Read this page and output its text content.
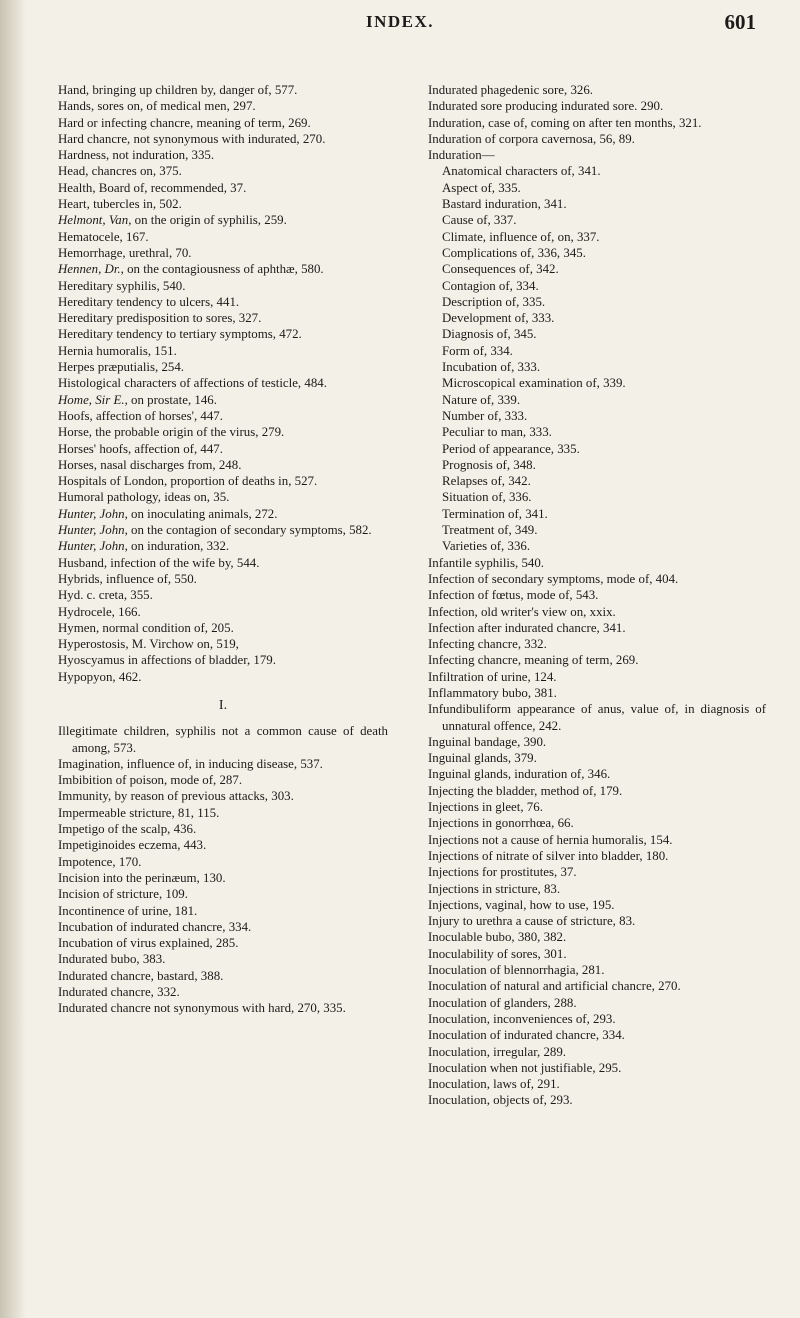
INDEX.	601

Hand, bringing up children by, danger of, 577.

Hands, sores on, of medical men, 297.

Hard or infecting chancre, meaning of term, 269.

Hard chancre, not synonymous with indurated, 270.

Hardness, not induration, 335.

Head, chancres on, 375.

Health, Board of, recommended, 37.

Heart, tubercles in, 502.

Helmont, Van, on the origin of syphilis, 259.

Hematocele, 167.

Hemorrhage, urethral, 70.

Hennen, Dr., on the contagiousness of aphthæ, 580.

Hereditary syphilis, 540.

Hereditary tendency to ulcers, 441.

Hereditary predisposition to sores, 327.

Hereditary tendency to tertiary symptoms, 472.

Hernia humoralis, 151.

Herpes præputialis, 254.

Histological characters of affections of testicle, 484.

Home, Sir E., on prostate, 146.

Hoofs, affection of horses', 447.

Horse, the probable origin of the virus, 279.

Horses' hoofs, affection of, 447.

Horses, nasal discharges from, 248.

Hospitals of London, proportion of deaths in, 527.

Humoral pathology, ideas on, 35.

Hunter, John, on inoculating animals, 272.

Hunter, John, on the contagion of secondary symptoms, 582.

Hunter, John, on induration, 332.

Husband, infection of the wife by, 544.

Hybrids, influence of, 550.

Hyd. c. creta, 355.

Hydrocele, 166.

Hymen, normal condition of, 205.

Hyperostosis, M. Virchow on, 519,

Hyoscyamus in affections of bladder, 179.

Hypopyon, 462.

I.

Illegitimate children, syphilis not a common cause of death among, 573.

Imagination, influence of, in inducing disease, 537.

Imbibition of poison, mode of, 287.

Immunity, by reason of previous attacks, 303.

Impermeable stricture, 81, 115.

Impetigo of the scalp, 436.

Impetiginoides eczema, 443.

Impotence, 170.

Incision into the perinæum, 130.

Incision of stricture, 109.

Incontinence of urine, 181.

Incubation of indurated chancre, 334.

Incubation of virus explained, 285.

Indurated bubo, 383.

Indurated chancre, bastard, 388.

Indurated chancre, 332.

Indurated chancre not synonymous with hard, 270, 335.

Indurated phagedenic sore, 326.

Indurated sore producing indurated sore. 290.

Induration, case of, coming on after ten months, 321.

Induration of corpora cavernosa, 56, 89.

Induration—

Anatomical characters of, 341.

Aspect of, 335.

Bastard induration, 341.

Cause of, 337.

Climate, influence of, on, 337.

Complications of, 336, 345.

Consequences of, 342.

Contagion of, 334.

Description of, 335.

Development of, 333.

Diagnosis of, 345.

Form of, 334.

Incubation of, 333.

Microscopical examination of, 339.

Nature of, 339.

Number of, 333.

Peculiar to man, 333.

Period of appearance, 335.

Prognosis of, 348.

Relapses of, 342.

Situation of, 336.

Termination of, 341.

Treatment of, 349.

Varieties of, 336.

Infantile syphilis, 540.

Infection of secondary symptoms, mode of, 404.

Infection of fœtus, mode of, 543.

Infection, old writer's view on, xxix.

Infection after indurated chancre, 341.

Infecting chancre, 332.

Infecting chancre, meaning of term, 269.

Infiltration of urine, 124.

Inflammatory bubo, 381.

Infundibuliform appearance of anus, value of, in diagnosis of unnatural offence, 242.

Inguinal bandage, 390.

Inguinal glands, 379.

Inguinal glands, induration of, 346.

Injecting the bladder, method of, 179.

Injections in gleet, 76.

Injections in gonorrhœa, 66.

Injections not a cause of hernia humoralis, 154.

Injections of nitrate of silver into bladder, 180.

Injections for prostitutes, 37.

Injections in stricture, 83.

Injections, vaginal, how to use, 195.

Injury to urethra a cause of stricture, 83.

Inoculable bubo, 380, 382.

Inoculability of sores, 301.

Inoculation of blennorrhagia, 281.

Inoculation of natural and artificial chancre, 270.

Inoculation of glanders, 288.

Inoculation, inconveniences of, 293.

Inoculation of indurated chancre, 334.

Inoculation, irregular, 289.

Inoculation when not justifiable, 295.

Inoculation, laws of, 291.

Inoculation, objects of, 293.
